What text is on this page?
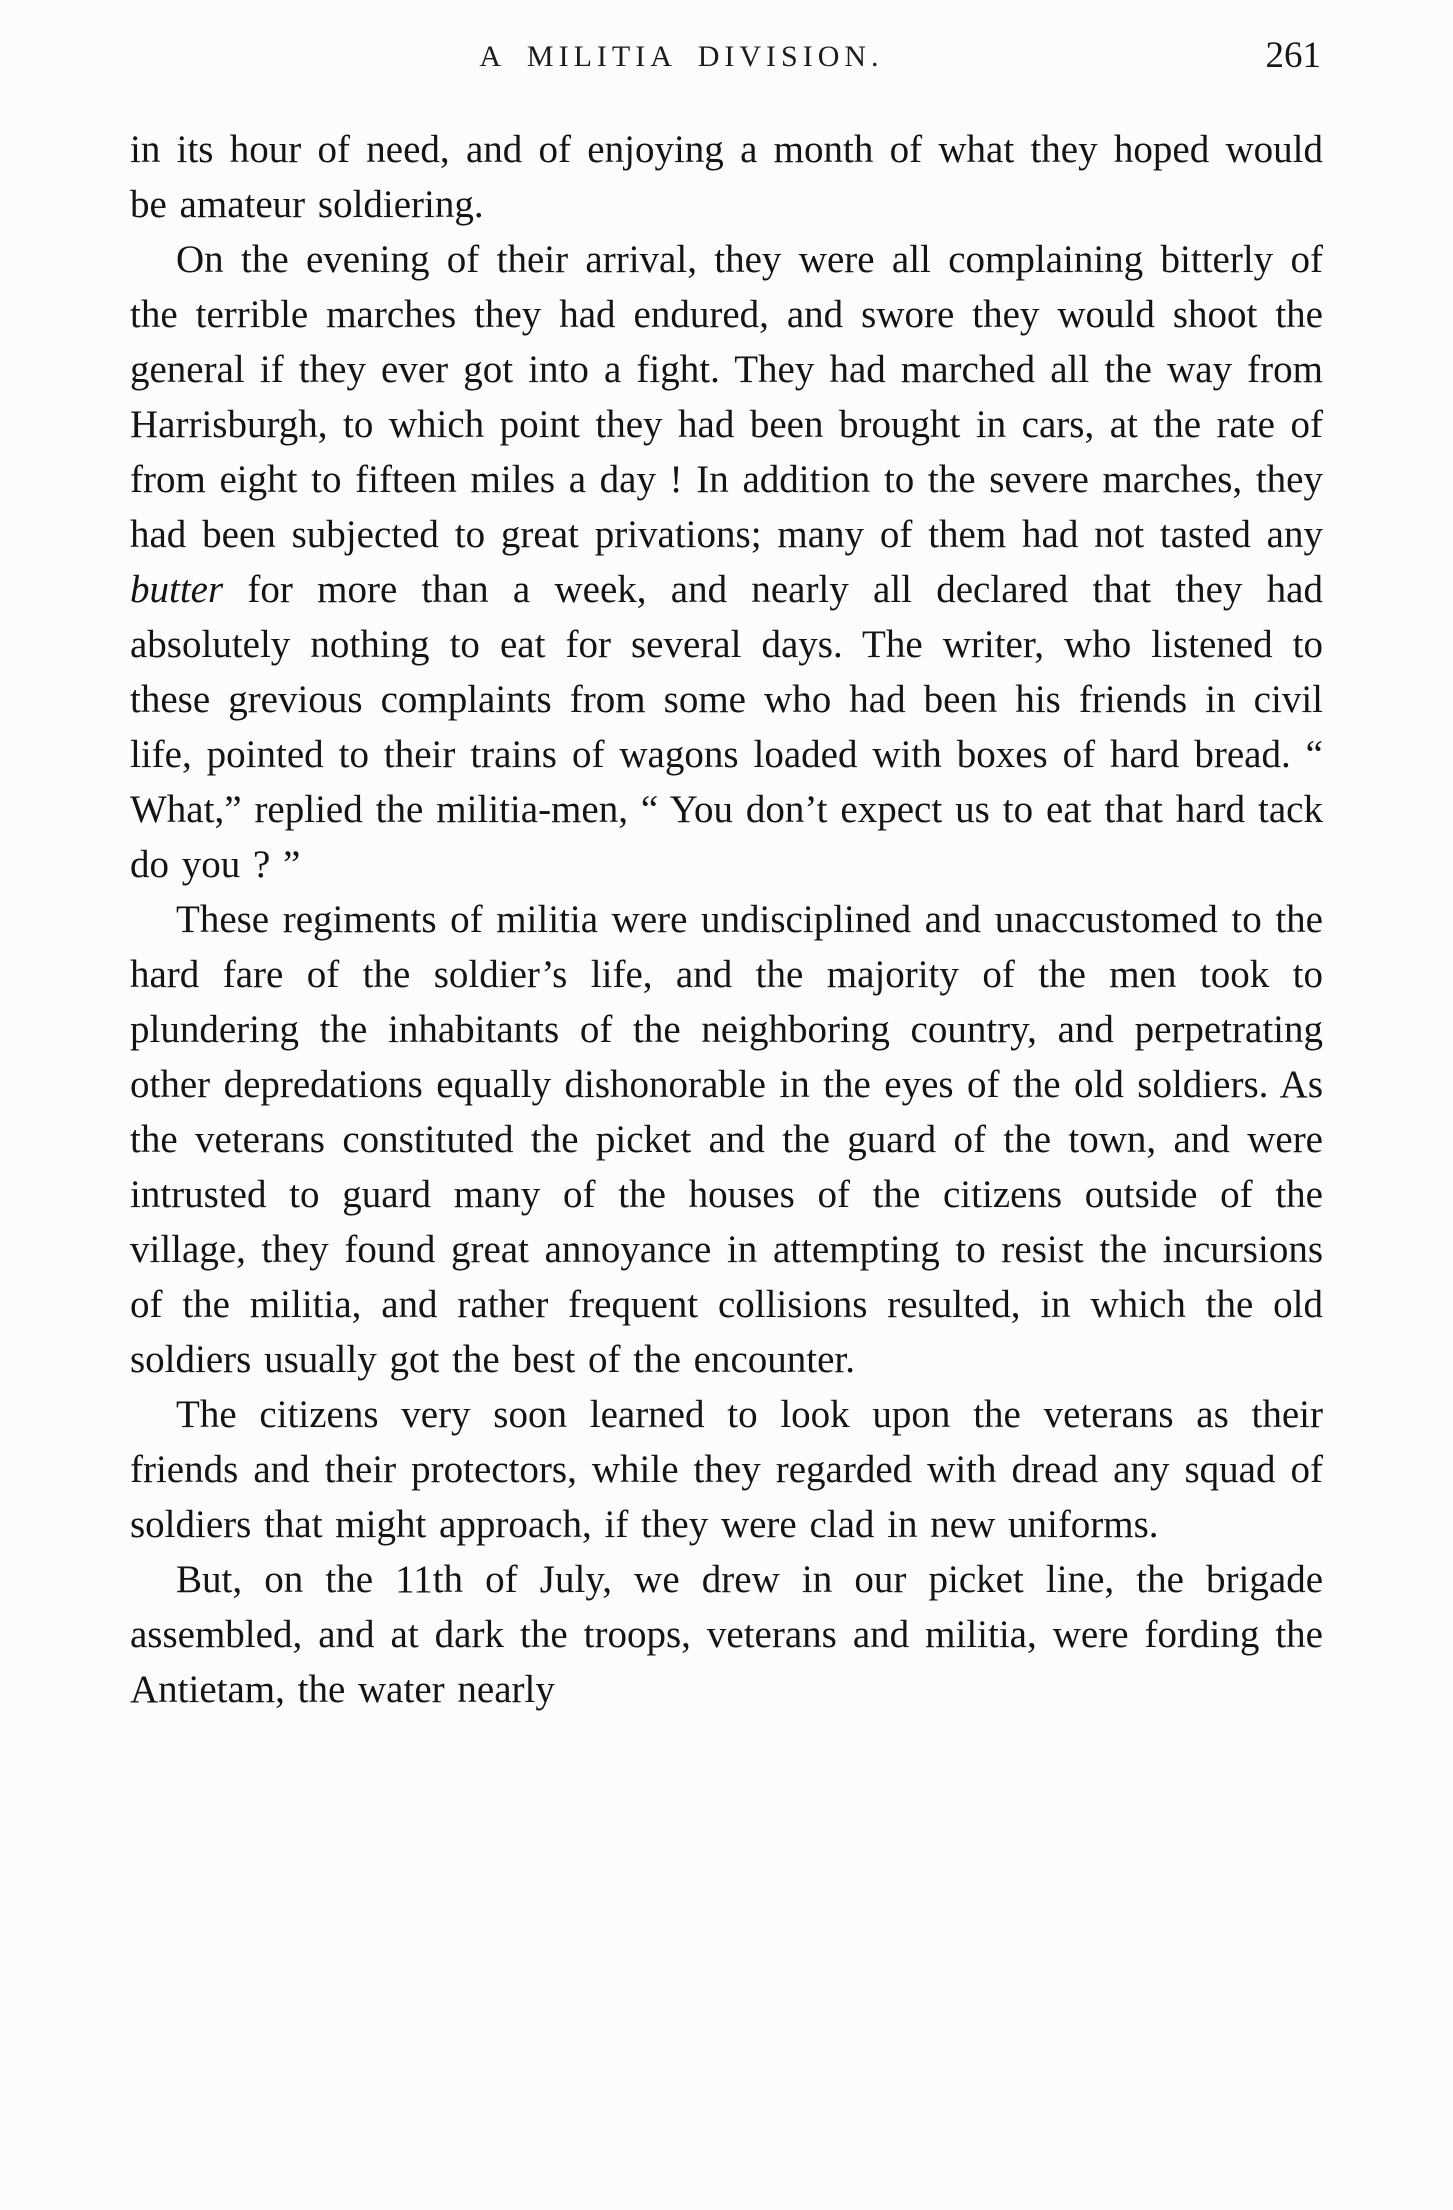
A MILITIA DIVISION.	261

in its hour of need, and of enjoying a month of what they hoped would be amateur soldiering.

On the evening of their arrival, they were all complaining bitterly of the terrible marches they had endured, and swore they would shoot the general if they ever got into a fight. They had marched all the way from Harrisburgh, to which point they had been brought in cars, at the rate of from eight to fifteen miles a day ! In addition to the severe marches, they had been subjected to great privations; many of them had not tasted any butter for more than a week, and nearly all declared that they had absolutely nothing to eat for several days. The writer, who listened to these grevious complaints from some who had been his friends in civil life, pointed to their trains of wagons loaded with boxes of hard bread. “ What,” replied the militia-men, “ You don’t expect us to eat that hard tack do you ? ”

These regiments of militia were undisciplined and unaccustomed to the hard fare of the soldier’s life, and the majority of the men took to plundering the inhabitants of the neighboring country, and perpetrating other depredations equally dishonorable in the eyes of the old soldiers. As the veterans constituted the picket and the guard of the town, and were intrusted to guard many of the houses of the citizens outside of the village, they found great annoyance in attempting to resist the incursions of the militia, and rather frequent collisions resulted, in which the old soldiers usually got the best of the encounter.

The citizens very soon learned to look upon the veterans as their friends and their protectors, while they regarded with dread any squad of soldiers that might approach, if they were clad in new uniforms.

But, on the 11th of July, we drew in our picket line, the brigade assembled, and at dark the troops, veterans and militia, were fording the Antietam, the water nearly
